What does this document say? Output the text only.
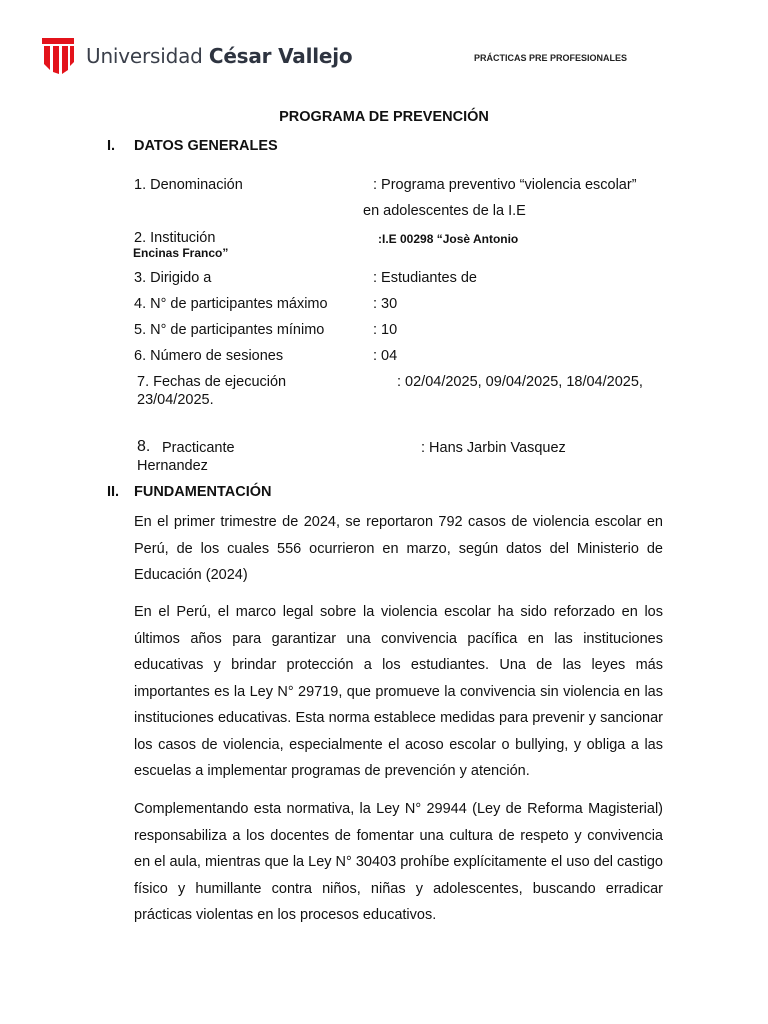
Universidad César Vallejo	PRÁCTICAS PRE PROFESIONALES
PROGRAMA DE PREVENCIÓN
I. DATOS GENERALES
1. Denominación	: Programa preventivo “violencia escolar”
en adolescentes de la I.E
2. Institución	:I.E 00298 “Josè Antonio
Encinas Franco”
3. Dirigido a	: Estudiantes de
4. N° de participantes máximo	: 30
5. N° de participantes mínimo	: 10
6. Número de sesiones	: 04
7. Fechas de ejecución	: 02/04/2025, 09/04/2025, 18/04/2025,
23/04/2025.
8. Practicante	: Hans Jarbin Vasquez
Hernandez
II. FUNDAMENTACIÓN

En el primer trimestre de 2024, se reportaron 792 casos de violencia escolar en Perú, de los cuales 556 ocurrieron en marzo, según datos del Ministerio de Educación (2024)

En el Perú, el marco legal sobre la violencia escolar ha sido reforzado en los últimos años para garantizar una convivencia pacífica en las instituciones educativas y brindar protección a los estudiantes. Una de las leyes más importantes es la Ley N° 29719, que promueve la convivencia sin violencia en las instituciones educativas. Esta norma establece medidas para prevenir y sancionar los casos de violencia, especialmente el acoso escolar o bullying, y obliga a las escuelas a implementar programas de prevención y atención.

Complementando esta normativa, la Ley N° 29944 (Ley de Reforma Magisterial) responsabiliza a los docentes de fomentar una cultura de respeto y convivencia en el aula, mientras que la Ley N° 30403 prohíbe explícitamente el uso del castigo físico y humillante contra niños, niñas y adolescentes, buscando erradicar prácticas violentas en los procesos educativos.
